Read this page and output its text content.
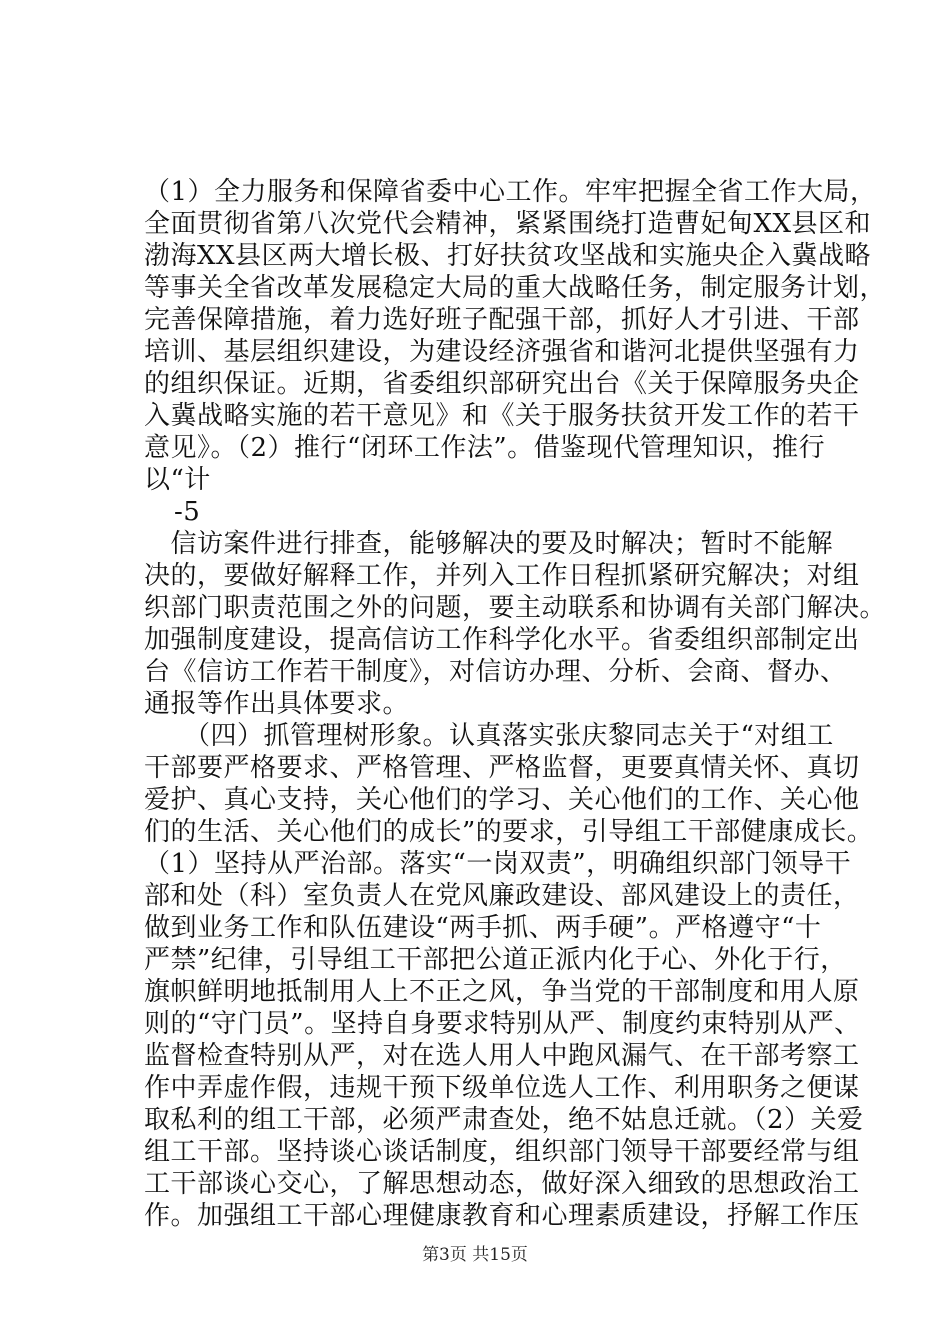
（1）全力服务和保障省委中心工作。牢牢把握全省工作大局，
全面贯彻省第八次党代会精神，紧紧围绕打造曹妃甸XX县区和
渤海XX县区两大增长极、打好扶贫攻坚战和实施央企入冀战略
等事关全省改革发展稳定大局的重大战略任务，制定服务计划，
完善保障措施，着力选好班子配强干部，抓好人才引进、干部
培训、基层组织建设，为建设经济强省和谐河北提供坚强有力
的组织保证。近期，省委组织部研究出台《关于保障服务央企
入冀战略实施的若干意见》和《关于服务扶贫开发工作的若干
意见》。（2）推行“闭环工作法”。借鉴现代管理知识，推行
以“计
-5
　信访案件进行排查，能够解决的要及时解决；暂时不能解
决的，要做好解释工作，并列入工作日程抓紧研究解决；对组
织部门职责范围之外的问题，要主动联系和协调有关部门解决。
加强制度建设，提高信访工作科学化水平。省委组织部制定出
台《信访工作若干制度》，对信访办理、分析、会商、督办、
通报等作出具体要求。
　　（四）抓管理树形象。认真落实张庆黎同志关于“对组工
干部要严格要求、严格管理、严格监督，更要真情关怀、真切
爱护、真心支持，关心他们的学习、关心他们的工作、关心他
们的生活、关心他们的成长”的要求，引导组工干部健康成长。
（1）坚持从严治部。落实“一岗双责”，明确组织部门领导干
部和处（科）室负责人在党风廉政建设、部风建设上的责任，
做到业务工作和队伍建设“两手抓、两手硬”。严格遵守“十
严禁”纪律，引导组工干部把公道正派内化于心、外化于行，
旗帜鲜明地抵制用人上不正之风，争当党的干部制度和用人原
则的“守门员”。坚持自身要求特别从严、制度约束特别从严、
监督检查特别从严，对在选人用人中跑风漏气、在干部考察工
作中弄虚作假，违规干预下级单位选人工作、利用职务之便谋
取私利的组工干部，必须严肃查处，绝不姑息迁就。（2）关爱
组工干部。坚持谈心谈话制度，组织部门领导干部要经常与组
工干部谈心交心，了解思想动态，做好深入细致的思想政治工
作。加强组工干部心理健康教育和心理素质建设，抒解工作压
第3页 共15页
